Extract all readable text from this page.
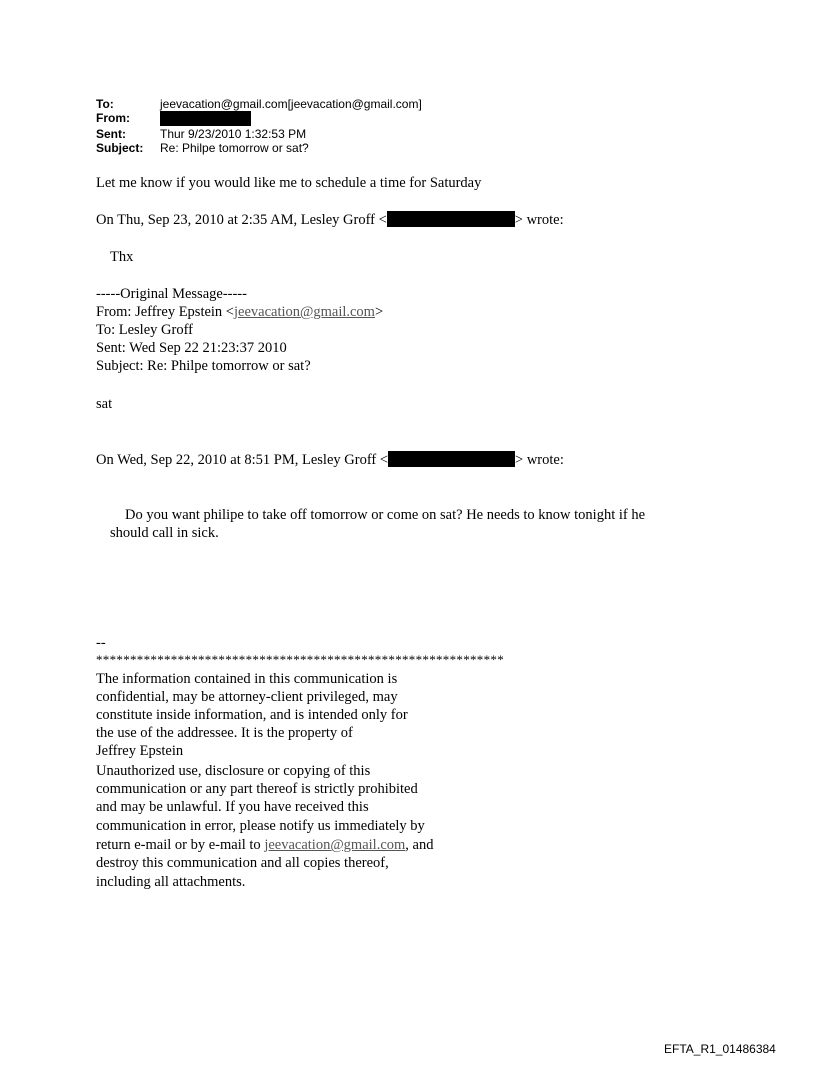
To:	jeevacation@gmail.com[jeevacation@gmail.com]
From:
Sent:	Thur 9/23/2010 1:32:53 PM
Subject: Re: Philpe tomorrow or sat?
Let me know if you would like me to schedule a time for Saturday
On Thu, Sep 23, 2010 at 2:35 AM, Lesley Groff <	> wrote:
Thx
-----Original Message-----
From: Jeffrey Epstein <jeevacation@gmail.com>
To: Lesley Groff
Sent: Wed Sep 22 21:23:37 2010
Subject: Re: Philpe tomorrow or sat?
sat
On Wed, Sep 22, 2010 at 8:51 PM, Lesley Groff <	> wrote:
Do you want philipe to take off tomorrow or come on sat? He needs to know tonight if he
should call in sick.
--
************************************************************
The information contained in this communication is
confidential, may be attorney-client privileged, may
constitute inside information, and is intended only for
the use of the addressee. It is the property of
Jeffrey Epstein
Unauthorized use, disclosure or copying of this
communication or any part thereof is strictly prohibited
and may be unlawful. If you have received this
communication in error, please notify us immediately by
return e-mail or by e-mail to jeevacation@gmail.com, and
destroy this communication and all copies thereof,
including all attachments.
EFTA_R1_01486384
